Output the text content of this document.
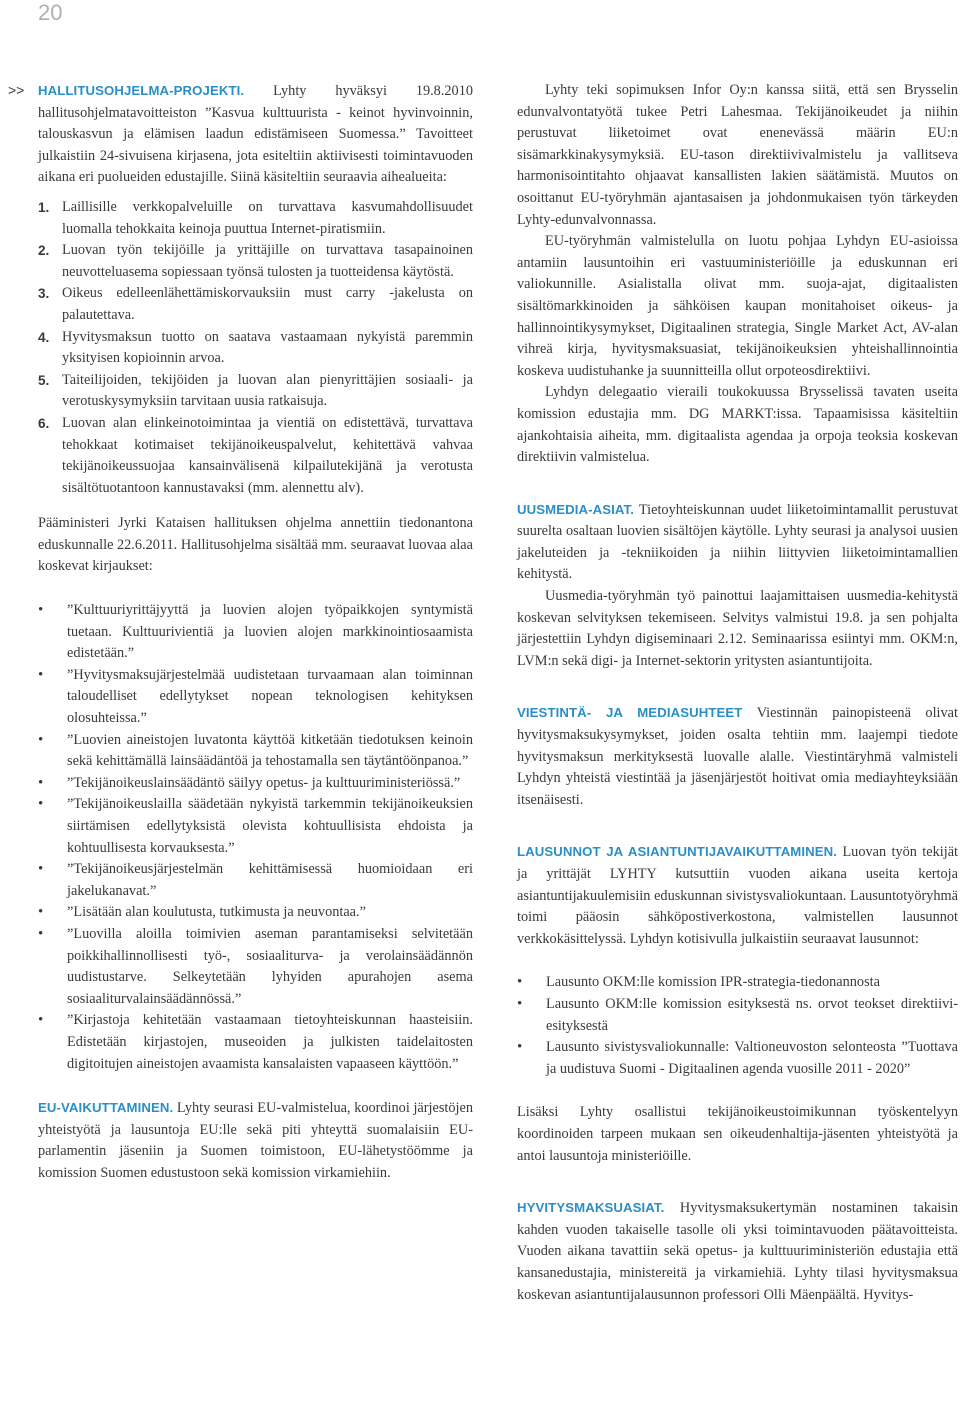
20
>> HALLITUSOHJELMA-PROJEKTI. Lyhty hyväksyi 19.8.2010 hallitusohjelmatavoitteiston ”Kasvua kulttuurista - keinot hyvinvoinnin, talouskasvun ja elämisen laadun edistämiseen Suomessa.” Tavoitteet julkaistiin 24-sivuisena kirjasena, jota esiteltiin aktiivisesti toimintavuoden aikana eri puolueiden edustajille. Siinä käsiteltiin seuraavia aihealueita:

1. Laillisille verkkopalveluille on turvattava kasvumahdollisuudet luomalla tehokkaita keinoja puuttua Internet-piratismiin.
2. Luovan työn tekijöille ja yrittäjille on turvattava tasapainoinen neuvotteluasema sopiessaan työnsä tulosten ja tuotteidensa käytöstä.
3. Oikeus edelleenlähettämiskorvauksiin must carry -jakelusta on palautettava.
4. Hyvitysmaksun tuotto on saatava vastaamaan nykyistä paremmin yksityisen kopioinnin arvoa.
5. Taiteilijoiden, tekijöiden ja luovan alan pienyrittäjien sosiaali- ja verotuskysymyksiin tarvitaan uusia ratkaisuja.
6. Luovan alan elinkeinotoimintaa ja vientiä on edistettävä, turvattava tehokkaat kotimaiset tekijänoikeuspalvelut, kehitettävä vahvaa tekijänoikeussuojaa kansainvälisenä kilpailutekijänä ja verotusta sisältötuotantoon kannustavaksi (mm. alennettu alv).

Pääministeri Jyrki Kataisen hallituksen ohjelma annettiin tiedonantona eduskunnalle 22.6.2011. Hallitusohjelma sisältää mm. seuraavat luovaa alaa koskevat kirjaukset:

• ”Kulttuuriyrittäjyyttä ja luovien alojen työpaikkojen syntymistä tuetaan. Kulttuurivientiä ja luovien alojen markkinointiosaamista edistetään.”
• ”Hyvitysmaksujärjestelmää uudistetaan turvaamaan alan toiminnan taloudelliset edellytykset nopean teknologisen kehityksen olosuhteissa.”
• ”Luovien aineistojen luvatonta käyttöä kitketään tiedotuksen keinoin sekä kehittämällä lainsäädäntöä ja tehostamalla sen täytäntöönpanoa.”
• ”Tekijänoikeuslainsäädäntö säilyy opetus- ja kulttuuriministeriössä.”
• ”Tekijänoikeuslailla säädetään nykyistä tarkemmin tekijänoikeuksien siirtämisen edellytyksistä olevista kohtuullisista ehdoista ja kohtuullisesta korvauksesta.”
• ”Tekijänoikeusjärjestelmän kehittämisessä huomioidaan eri jakelukanavat.”
• ”Lisätään alan koulutusta, tutkimusta ja neuvontaa.”
• ”Luovilla aloilla toimivien aseman parantamiseksi selvitetään poikkihallinnollisesti työ-, sosiaaliturva- ja verolainsäädännön uudistustarve. Selkeytetään lyhyiden apurahojen asema sosiaaliturvalainsäädännössä.”
• ”Kirjastoja kehitetään vastaamaan tietoyhteiskunnan haasteisiin. Edistetään kirjastojen, museoiden ja julkisten taidelaitosten digitoitujen aineistojen avaamista kansalaisten vapaaseen käyttöön.”

EU-VAIKUTTAMINEN. Lyhty seurasi EU-valmistelua, koordinoi järjestöjen yhteistyötä ja lausuntoja EU:lle sekä piti yhteyttä suomalaisiin EU-parlamentin jäseniin ja Suomen toimistoon, EU-lähetystöömme ja komission Suomen edustustoon sekä komission virkamiehiin.

Lyhty teki sopimuksen Infor Oy:n kanssa siitä, että sen Brysselin edunvalvontatyötä tukee Petri Lahesmaa. Tekijänoikeudet ja niihin perustuvat liiketoimet ovat enenevässä määrin EU:n sisämarkkinakysymyksiä. EU-tason direktiivivalmistelu ja vallitseva harmonisointitahto ohjaavat kansallisten lakien säätämistä. Muutos on osoittanut EU-työryhmän ajantasaisen ja johdonmukaisen työn tärkeyden Lyhty-edunvalvonnassa.

EU-työryhmän valmistelulla on luotu pohjaa Lyhdyn EU-asioissa antamiin lausuntoihin eri vastuuministeriöille ja eduskunnan eri valiokunnille. Asialistalla olivat mm. suoja-ajat, digitaalisten sisältömarkkinoiden ja sähköisen kaupan monitahoiset oikeus- ja hallinnointikysymykset, Digitaalinen strategia, Single Market Act, AV-alan vihreä kirja, hyvitysmaksuasiat, tekijänoikeuksien yhteishallinnointia koskeva uudistuhanke ja suunnitteilla ollut orpoteosdirektiivi.

Lyhdyn delegaatio vieraili toukokuussa Brysselissä tavaten useita komission edustajia mm. DG MARKT:issa. Tapaamisissa käsiteltiin ajankohtaisia aiheita, mm. digitaalista agendaa ja orpoja teoksia koskevan direktiivin valmistelua.

UUSMEDIA-ASIAT. Tietoyhteiskunnan uudet liiketoimintamallit perustuvat suurelta osaltaan luovien sisältöjen käytölle. Lyhty seurasi ja analysoi uusien jakeluteiden ja -tekniikoiden ja niihin liittyvien liiketoimintamallien kehitystä.

Uusmedia-työryhmän työ painottui laajamittaisen uusmedia-kehitystä koskevan selvityksen tekemiseen. Selvitys valmistui 19.8. ja sen pohjalta järjestettiin Lyhdyn digiseminaari 2.12. Seminaarissa esiintyi mm. OKM:n, LVM:n sekä digi- ja Internet-sektorin yritysten asiantuntijoita.

VIESTINTÄ- JA MEDIASUHTEET Viestinnän painopisteenä olivat hyvitysmaksukysymykset, joiden osalta tehtiin mm. laajempi tiedote hyvitysmaksun merkityksestä luovalle alalle. Viestintäryhmä valmisteli Lyhdyn yhteistä viestintää ja jäsenjärjestöt hoitivat omia mediayhteyksiään itsenäisesti.

LAUSUNNOT JA ASIANTUNTIJAVAIKUTTAMINEN. Luovan työn tekijät ja yrittäjät LYHTY kutsuttiin vuoden aikana useita kertoja asiantuntijakuulemisiin eduskunnan sivistysvaliokuntaan. Lausuntotyöryhmä toimi pääosin sähköpostiverkostona, valmistellen lausunnot verkkokäsittelyssä. Lyhdyn kotisivulla julkaistiin seuraavat lausunnot:

• Lausunto OKM:lle komission IPR-strategia-tiedonannosta
• Lausunto OKM:lle komission esityksestä ns. orvot teokset direktiivi-esityksestä
• Lausunto sivistysvaliokunnalle: Valtioneuvoston selonteosta ”Tuottava ja uudistuva Suomi - Digitaalinen agenda vuosille 2011 - 2020”

Lisäksi Lyhty osallistui tekijänoikeustoimikunnan työskentelyyn koordinoiden tarpeen mukaan sen oikeudenhaltija-jäsenten yhteistyötä ja antoi lausuntoja ministeriöille.

HYVITYSMAKSUASIAT. Hyvitysmaksukertymän nostaminen takaisin kahden vuoden takaiselle tasolle oli yksi toimintavuoden päätavoitteista. Vuoden aikana tavattiin sekä opetus- ja kulttuuriministeriön edustajia että kansanedustajia, ministereitä ja virkamiehiä. Lyhty tilasi hyvitysmaksua koskevan asiantuntijalausunnon professori Olli Mäenpäältä. Hyvitys-
